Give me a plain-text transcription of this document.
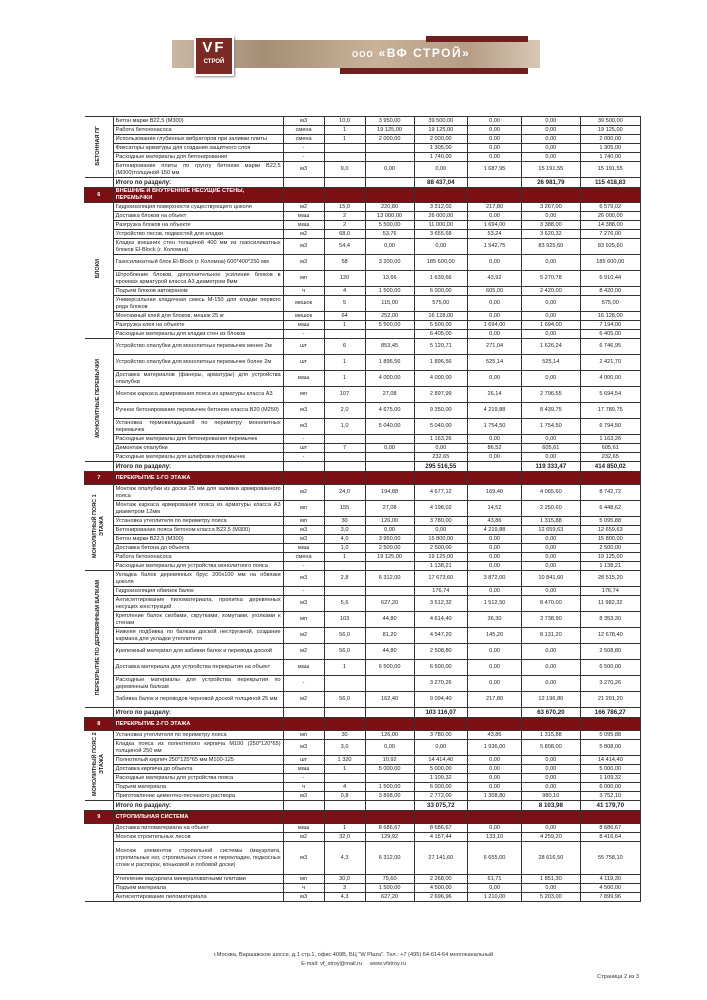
VF
СТРОЙ
ООО «ВФ СТРОЙ»
БЕТОННАЯ ПГ	Бетон марки В22,5 (М300)	м3	10,0	3 950,00	39 500,00	0,00	0,00	39 500,00
	Работа бетононасоса	смена	1	19 125,00	19 125,00	0,00	0,00	19 125,00
	Использование глубинных вибраторов при заливки плиты	смена	1	2 000,00	2 000,00	0,00	0,00	2 000,00
	Фиксаторы арматуры для создания защитного слоя	-			1 305,00	0,00	0,00	1 305,00
	Расходные материалы для бетонирования	-			1 740,00	0,00	0,00	1 740,00
	Бетонирование плиты по грунту бетоном марки В22,5 (М300)толщиной 150 мм	м3	9,0	0,00	0,00	1 687,95	15 191,55	15 191,55
	Итого по разделу:				88 437,04		26 981,79	115 418,83
6	ВНЕШНИЕ И ВНУТРЕННИЕ НЕСУЩИЕ СТЕНЫ, ПЕРЕМЫЧКИ							
БЛОКИ	Гидроизоляция поверхности существующего цоколя	м2	15,0	220,80	3 312,02	217,80	3 267,00	6 579,02
	Доставка блоков на объект	маш	2	13 000,00	26 000,00	0,00	0,00	26 000,00
	Разгрузка блоков на объекте	маш	2	5 500,00	11 000,00	1 694,00	3 388,00	14 388,00
	Устройство лесов, подмостей для кладки	м2	68,0	53,76	3 655,68	53,24	3 620,32	7 276,00
	Кладка внешних стен толщиной 400 мм из газосиликатных блоков El-Block (г. Коломна)	м3	54,4	0,00	0,00	1 542,75	83 925,60	83 925,60
	Газосиликатный блок El-Block (г. Коломна) 600*400*250 мм	м3	58	3 200,00	185 600,00	0,00	0,00	185 600,00
	Штробление блоков, дополнительное усиление блоков в проемах арматурой класса А3 диаметром 8мм	мп	120	13,66	1 639,66	43,92	5 270,78	6 910,44
	Подъем блоков автокраном	ч	4	1 500,00	6 000,00	605,00	2 420,00	8 420,00
	Универсальная кладочная смесь М-150 для кладки первого ряда блоков	мешок	5	115,00	575,00	0,00	0,00	575,00
	Монтажный клей для блоков, мешок 25 кг	мешок	64	252,00	16 128,00	0,00	0,00	16 128,00
	Разгрузка клея на объекте	маш	1	5 500,00	5 500,00	1 694,00	1 694,00	7 194,00
	Расходные материалы для кладки стен из блоков	-			6 405,00	0,00	0,00	6 405,00
МОНОЛИТНЫЕ ПЕРЕМЫЧКИ	Устройство опалубки для монолитных перемычек менее 2м	шт	6	853,45	5 120,71	271,04	1 626,24	6 746,95
	Устройство опалубки для монолитных перемычек более 2м	шт	1	1 896,56	1 896,56	525,14	525,14	2 421,70
	Доставка материалов (фанеры, арматуры) для устройства опалубки	маш	1	4 000,00	4 000,00	0,00	0,00	4 000,00
	Монтаж каркаса армирования пояса из арматуры класса А3	мп	107	27,08	2 897,99	26,14	2 796,55	5 694,54
	Ручное бетонирование перемычек бетоном класса В20 (М250)	м3	2,0	4 675,00	9 350,00	4 219,88	8 439,75	17 789,75
	Установка термовкладышей по периметру монолитных перемычек	м3	1,0	5 040,00	5 040,00	1 754,50	1 754,50	6 794,50
	Расходные материалы для бетонирования перемычек	-			1 163,26	0,00	0,00	1 163,26
	Демонтаж опалубки	шт	7	0,00	0,00	86,52	605,61	605,61
	Расходные материалы для шлифовки перемычек	-			232,65	0,00	0,00	232,65
	Итого по разделу:				295 516,55		119 333,47	414 850,02
7	ПЕРЕКРЫТИЕ 1-ГО ЭТАЖА							
МОНОЛИТНЫЙ ПОЯС 1 ЭТАЖА	Монтаж опалубки из доски 25 мм для заливки армированного пояса	м2	24,0	194,88	4 677,12	169,40	4 065,60	8 742,72
	Монтаж каркаса армирования пояса из арматуры класса А3 диаметром 12мм	мп	155	27,08	4 198,02	14,52	2 250,60	6 448,62
	Установка утеплителя по периметру пояса	мп	30	126,00	3 780,00	43,86	1 315,88	5 095,88
	Бетонирование пояса бетоном класса В22,5 (М300)	м3	3,0	0,00	0,00	4 219,88	12 659,63	12 659,63
	Бетон марки В22,5 (М300)	м3	4,0	3 950,00	15 800,00	0,00	0,00	15 800,00
	Доставка бетона до объекта	маш	1,0	2 500,00	2 500,00	0,00	0,00	2 500,00
	Работа бетононасоса	смена	1	19 125,00	19 125,00	0,00	0,00	19 125,00
	Расходные материалы для устройства монолитного пояса	-			1 138,21	0,00	0,00	1 138,21
ПЕРЕКРЫТИЕ ПО ДЕРЕВЯННЫМ БАЛКАМ	Укладка балок деревянных брус 200х100 мм на обвязки цоколя	м3	2,8	6 312,00	17 673,60	3 872,00	10 841,60	28 515,20
	Гидроизоляция обвязок балок	-			176,74	0,00	0,00	176,74
	Антисептирование пиломатериала, пропитка деревянных несущих конструкций	м3	5,6	627,20	3 512,32	1 512,50	8 470,00	11 982,32
	Крепление балок скобами, скрутками, хомутами, уголками к стенам	мп	103	44,80	4 614,40	36,30	3 738,90	8 353,30
	Нижняя подбивка по балкам доской неструганой, создание кармана для укладки утеплителя	м2	56,0	81,20	4 547,20	145,20	8 131,20	12 678,40
	Крепежный материал для забивки балок и перевода доской	м2	56,0	44,80	2 508,80	0,00	0,00	2 508,80
	Доставка материала для устройства перекрытия на объект	маш	1	6 500,00	6 500,00	0,00	0,00	6 500,00
	Расходные материалы для устройства перекрытия по деревянным балкам	-			3 270,26	0,00	0,00	3 270,26
	Забивка балок и переводов черновой доской толщиной 25 мм	м2	56,0	162,40	9 094,40	217,80	12 196,80	21 291,20
	Итого по разделу:				103 116,07		63 670,20	166 786,27
8	ПЕРЕКРЫТИЕ 2-ГО ЭТАЖА							
МОНОЛИТНЫЙ ПОЯС 2 ЭТАЖА	Установка утеплителя по периметру пояса	мп	30	126,00	3 780,00	43,86	1 315,88	5 095,88
	Кладка пояса из полнотелого кирпича М100 (250*120*65) толщиной 250 мм	м3	3,0	0,00	0,00	1 936,00	5 808,00	5 808,00
	Полнотелый кирпич 250*125*65 мм М100-125	шт	1 320	10,92	14 414,40	0,00	0,00	14 414,40
	Доставка кирпича до объекта	маш	1	5 000,00	5 000,00	0,00	0,00	5 000,00
	Расходные материалы для устройства пояса	-			1 109,32	0,00	0,00	1 109,32
	Подъем материала	ч	4	1 500,00	6 000,00	0,00	0,00	6 000,00
	Приготовление цементно-песчаного раствора	м3	0,8	3 898,00	2 772,00	1 308,80	980,10	3 752,10
	Итого по разделу:				33 075,72		8 103,98	41 179,70
9	СТРОПИЛЬНАЯ СИСТЕМА							
	Доставка пиломатериала на объект	маш	1	8 686,67	8 686,67	0,00	0,00	8 686,67
	Монтаж строительных лесов	м2	32,0	129,92	4 157,44	133,10	4 259,20	8 416,64
	Монтаж элементов стропильной системы (мауэрлата, стропильных ног, стропильных стоек и перекладин, подкосных стоек и распорок, коньковой и лобовой доски)	м3	4,3	6 312,00	27 141,60	6 655,00	28 616,50	55 758,10
	Утепление мауэрлата минераловатными плитами	мп	30,0	75,60	2 268,00	61,71	1 851,30	4 119,30
	Подъем материала	ч	3	1 500,00	4 500,00	0,00	0,00	4 500,00
	Антисептирование пиломатериала	м3	4,3	627,20	2 696,96	1 210,00	5 203,00	7 899,96
г.Москва, Варшавское шоссе, д.1 стр.1, офис 409В, БЦ "W Plaza". Тел.: +7 (495) 64-614-64 многоканальный
E-mail: vf_stroy@mail.ru www.vfstroy.ru
Страница 2 из 3
